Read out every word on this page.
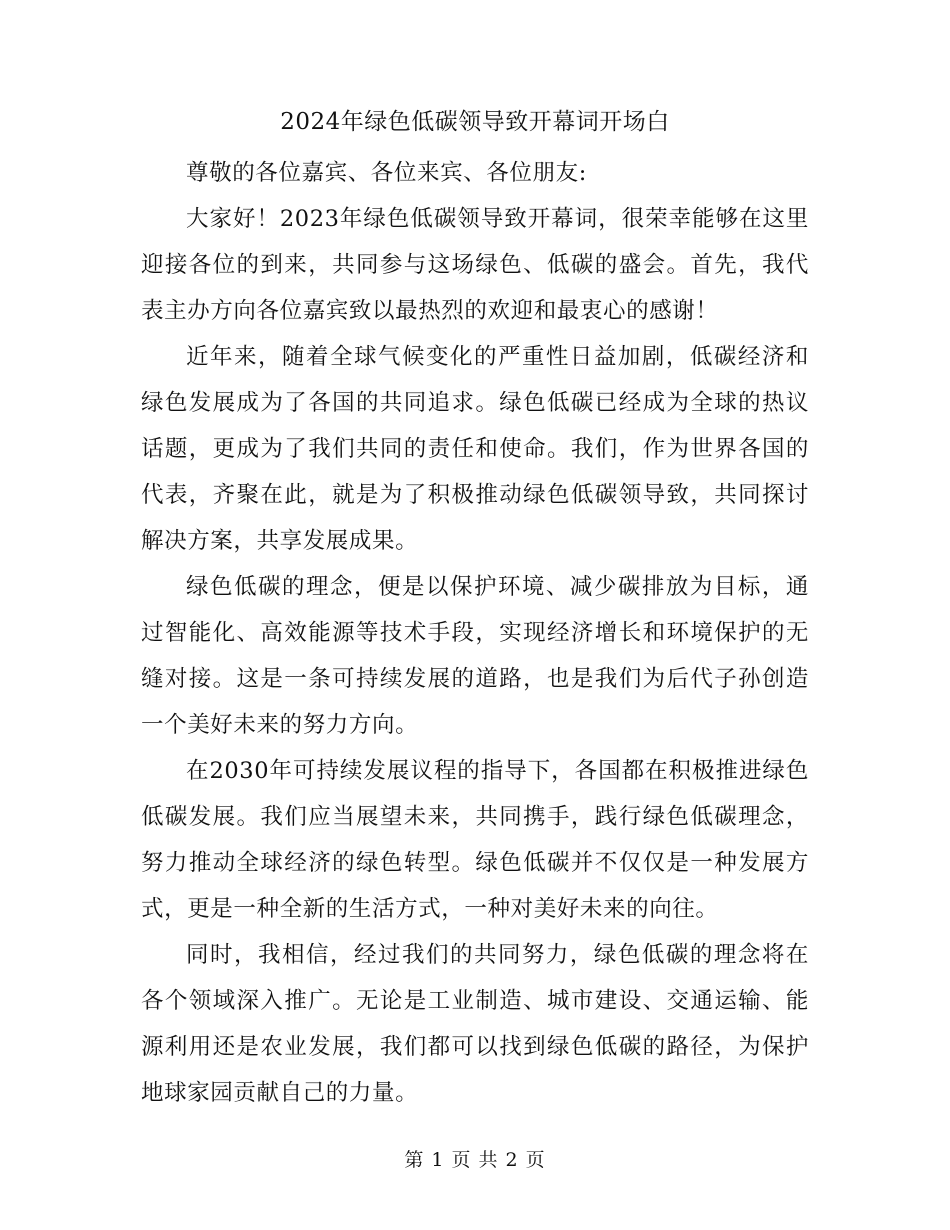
2024年绿色低碳领导致开幕词开场白

尊敬的各位嘉宾、各位来宾、各位朋友:

大家好！2023年绿色低碳领导致开幕词，很荣幸能够在这里迎接各位的到来，共同参与这场绿色、低碳的盛会。首先，我代表主办方向各位嘉宾致以最热烈的欢迎和最衷心的感谢！

近年来，随着全球气候变化的严重性日益加剧，低碳经济和绿色发展成为了各国的共同追求。绿色低碳已经成为全球的热议话题，更成为了我们共同的责任和使命。我们，作为世界各国的代表，齐聚在此，就是为了积极推动绿色低碳领导致，共同探讨解决方案，共享发展成果。

绿色低碳的理念，便是以保护环境、减少碳排放为目标，通过智能化、高效能源等技术手段，实现经济增长和环境保护的无缝对接。这是一条可持续发展的道路，也是我们为后代子孙创造一个美好未来的努力方向。

在2030年可持续发展议程的指导下，各国都在积极推进绿色低碳发展。我们应当展望未来，共同携手，践行绿色低碳理念，努力推动全球经济的绿色转型。绿色低碳并不仅仅是一种发展方式，更是一种全新的生活方式，一种对美好未来的向往。

同时，我相信，经过我们的共同努力，绿色低碳的理念将在各个领域深入推广。无论是工业制造、城市建设、交通运输、能源利用还是农业发展，我们都可以找到绿色低碳的路径，为保护地球家园贡献自己的力量。

第 1 页 共 2 页
